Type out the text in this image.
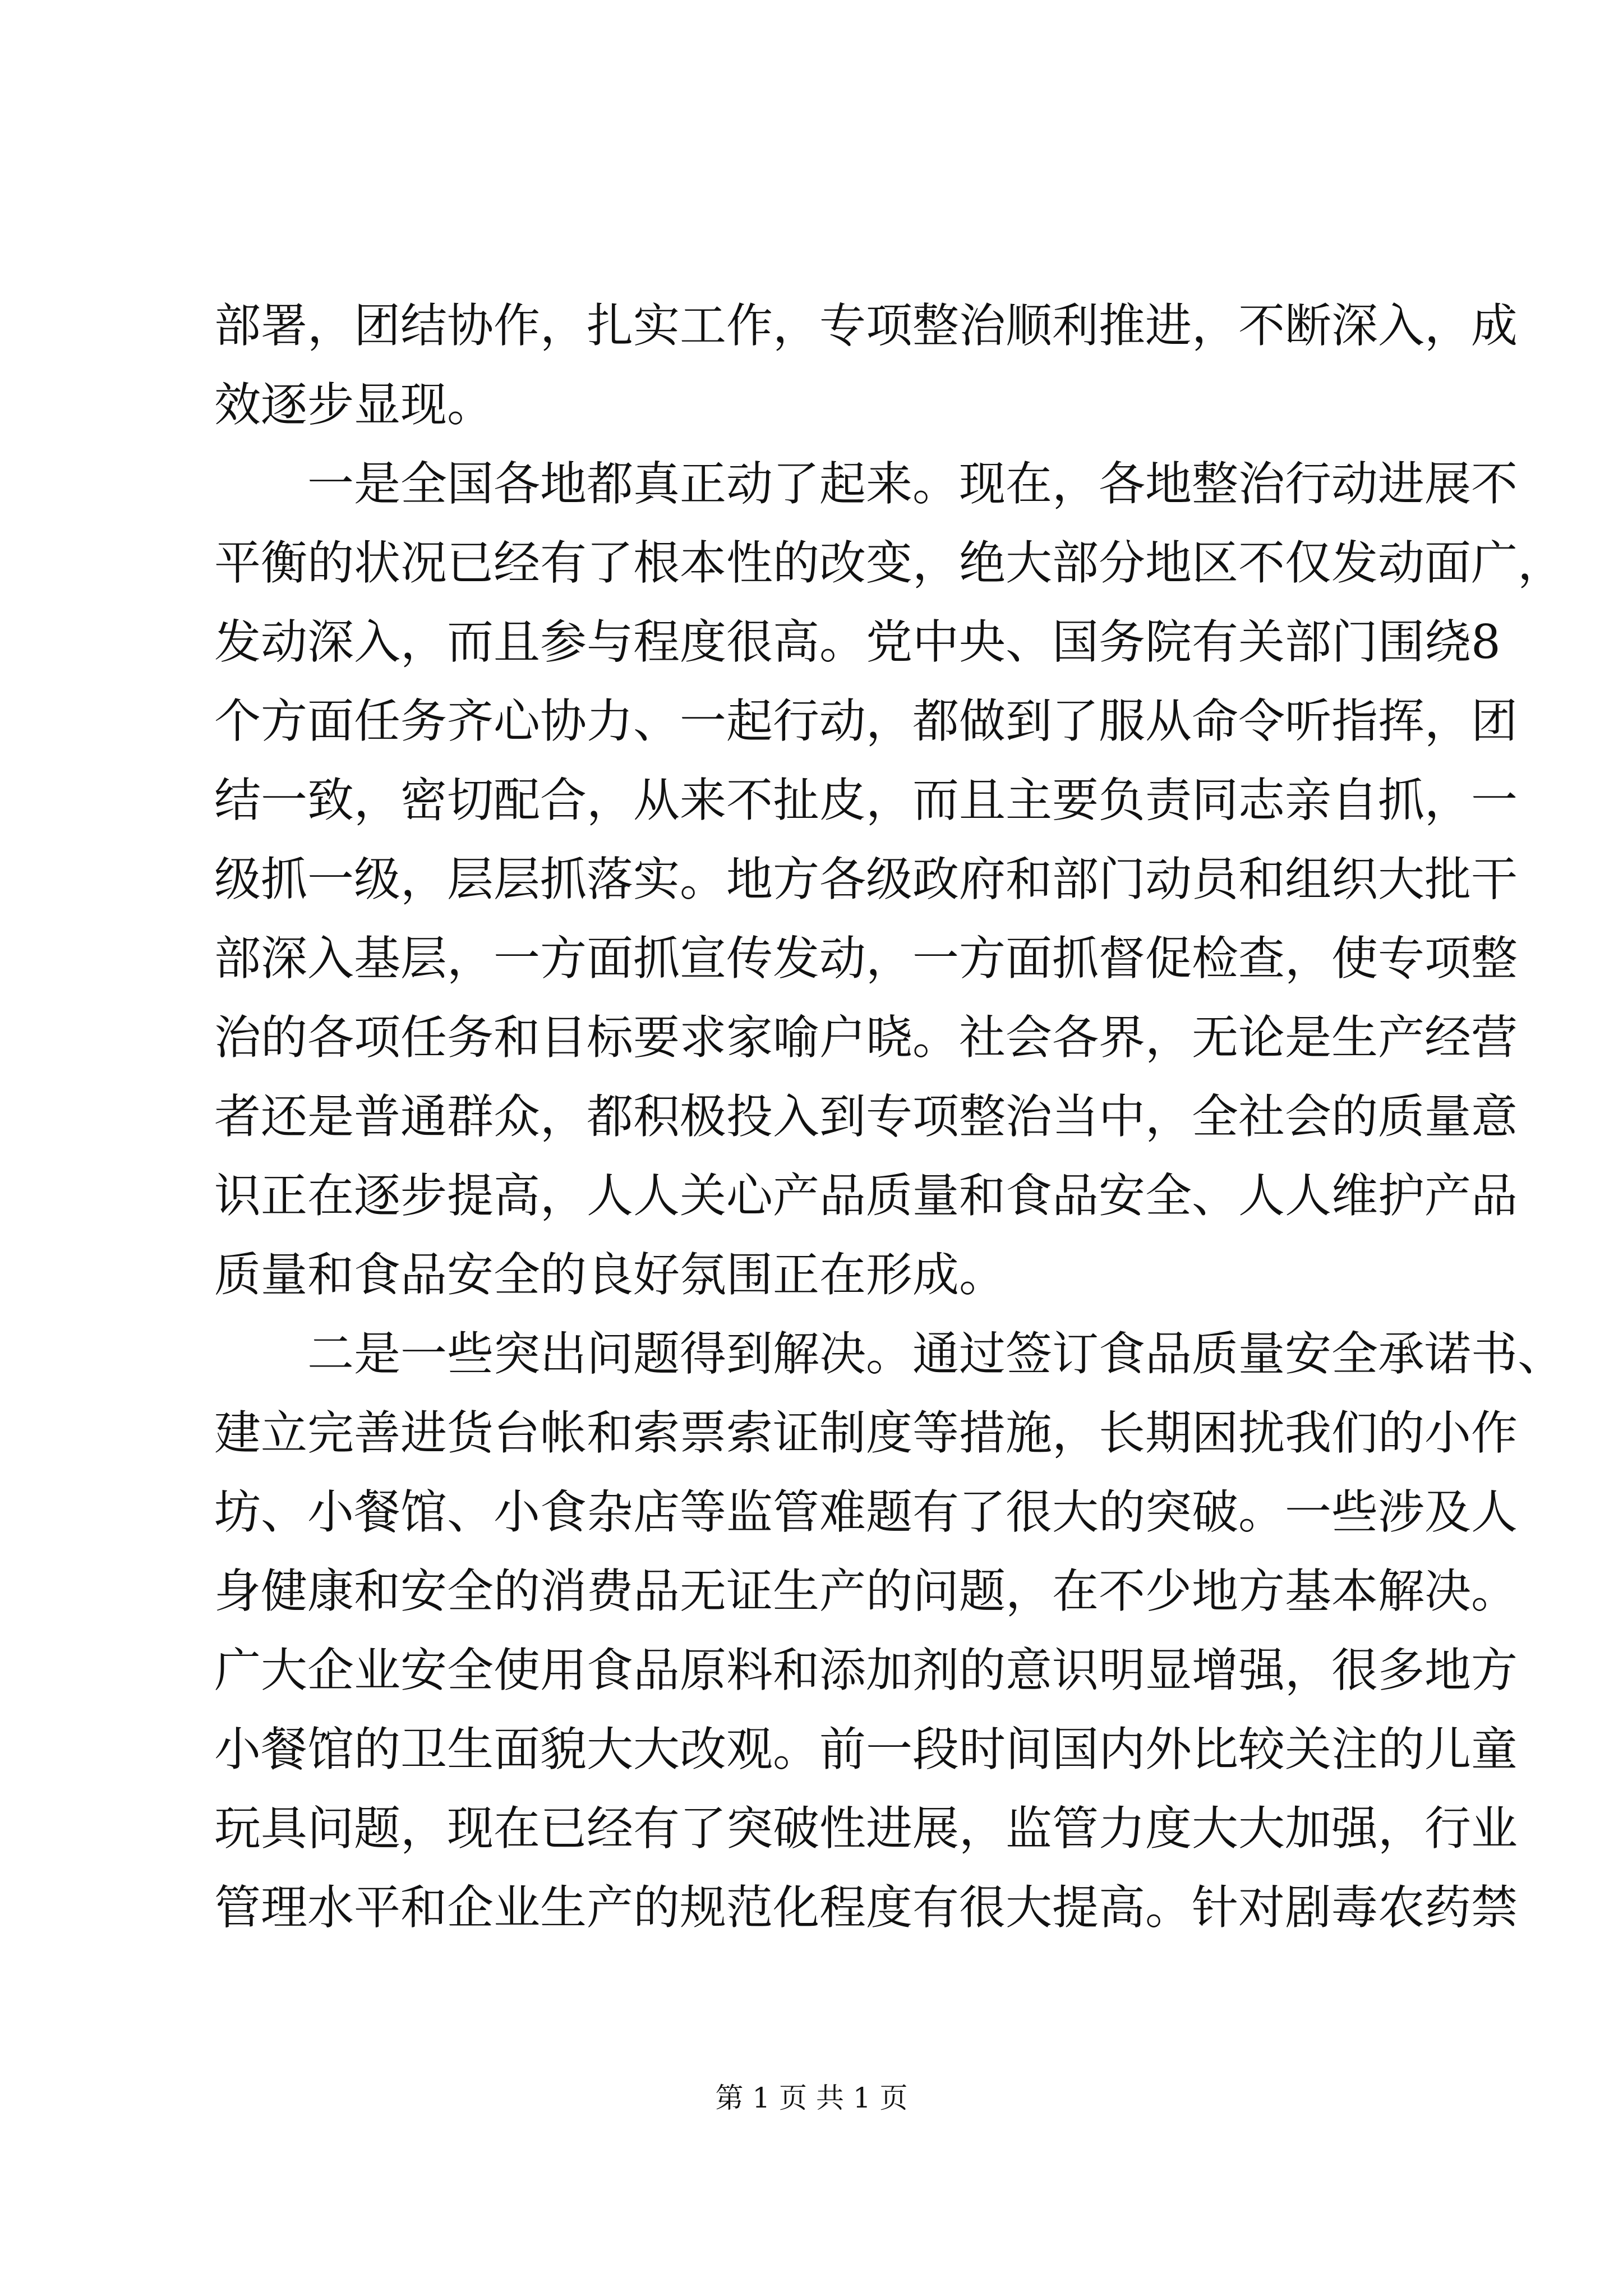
部署，团结协作，扎实工作，专项整治顺利推进，不断深入，成
效逐步显现。
一是全国各地都真正动了起来。现在，各地整治行动进展不
平衡的状况已经有了根本性的改变，绝大部分地区不仅发动面广，
发动深入，而且参与程度很高。党中央、国务院有关部门围绕8
个方面任务齐心协力、一起行动，都做到了服从命令听指挥，团
结一致，密切配合，从来不扯皮，而且主要负责同志亲自抓，一
级抓一级，层层抓落实。地方各级政府和部门动员和组织大批干
部深入基层，一方面抓宣传发动，一方面抓督促检查，使专项整
治的各项任务和目标要求家喻户晓。社会各界，无论是生产经营
者还是普通群众，都积极投入到专项整治当中，全社会的质量意
识正在逐步提高，人人关心产品质量和食品安全、人人维护产品
质量和食品安全的良好氛围正在形成。
二是一些突出问题得到解决。通过签订食品质量安全承诺书、
建立完善进货台帐和索票索证制度等措施，长期困扰我们的小作
坊、小餐馆、小食杂店等监管难题有了很大的突破。一些涉及人
身健康和安全的消费品无证生产的问题，在不少地方基本解决。
广大企业安全使用食品原料和添加剂的意识明显增强，很多地方
小餐馆的卫生面貌大大改观。前一段时间国内外比较关注的儿童
玩具问题，现在已经有了突破性进展，监管力度大大加强，行业
管理水平和企业生产的规范化程度有很大提高。针对剧毒农药禁
第 1 页 共 1 页
